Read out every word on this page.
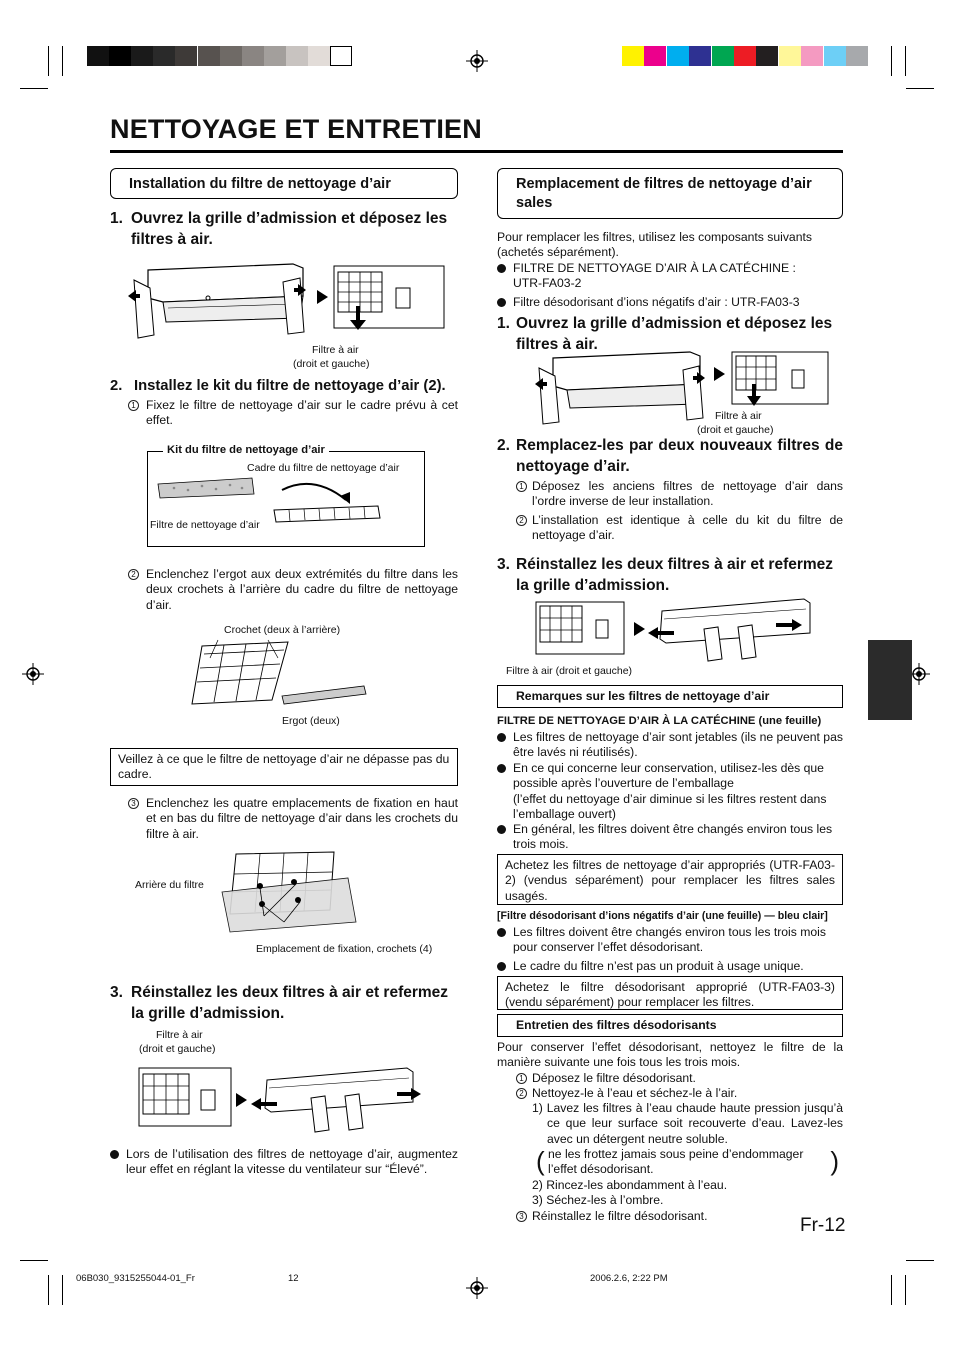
NETTOYAGE ET ENTRETIEN
Installation du filtre de nettoyage d’air
1. Ouvrez la grille d’admission et déposez les filtres à air.
Filtre à air
(droit et gauche)
2. Installez le kit du filtre de nettoyage d’air (2).
1 Fixez le filtre de nettoyage d’air sur le cadre prévu à cet effet.
Kit du filtre de nettoyage d’air
Cadre du filtre de nettoyage d’air
Filtre de nettoyage d’air
2 Enclenchez l’ergot aux deux extrémités du filtre dans les deux crochets à l’arrière du cadre du filtre de nettoyage d’air.
Crochet (deux à l’arrière)
Ergot (deux)
Veillez à ce que le filtre de nettoyage d’air ne dépasse pas du cadre.
3 Enclenchez les quatre emplacements de fixation en haut et en bas du filtre de nettoyage d’air dans les crochets du filtre à air.
Arrière du filtre
Emplacement de fixation, crochets (4)
3. Réinstallez les deux filtres à air et refermez la grille d’admission.
Filtre à air
(droit et gauche)
Lors de l’utilisation des filtres de nettoyage d’air, augmentez leur effet en réglant la vitesse du ventilateur sur “Élevé”.
Remplacement de filtres de nettoyage d’air sales
Pour remplacer les filtres, utilisez les composants suivants (achetés séparément).
FILTRE DE NETTOYAGE D’AIR À LA CATÉCHINE : UTR-FA03-2
Filtre désodorisant d’ions négatifs d’air : UTR-FA03-3
1. Ouvrez la grille d’admission et déposez les filtres à air.
Filtre à air
(droit et gauche)
2. Remplacez-les par deux nouveaux filtres de nettoyage d’air.
1 Déposez les anciens filtres de nettoyage d’air dans l’ordre inverse de leur installation.
2 L’installation est identique à celle du kit du filtre de nettoyage d’air.
3. Réinstallez les deux filtres à air et refermez la grille d’admission.
Filtre à air (droit et gauche)
Remarques sur les filtres de nettoyage d’air
FILTRE DE NETTOYAGE D’AIR À LA CATÉCHINE (une feuille)
Les filtres de nettoyage d’air sont jetables (ils ne peuvent pas être lavés ni réutilisés).
En ce qui concerne leur conservation, utilisez-les dès que possible après l’ouverture de l’emballage
(l’effet du nettoyage d’air diminue si les filtres restent dans l’emballage ouvert)
En général, les filtres doivent être changés environ tous les trois mois.
Achetez les filtres de nettoyage d’air appropriés (UTR-FA03-2) (vendus séparément) pour remplacer les filtres sales usagés.
[Filtre désodorisant d’ions négatifs d’air (une feuille) — bleu clair]
Les filtres doivent être changés environ tous les trois mois pour conserver l’effet désodorisant.
Le cadre du filtre n’est pas un produit à usage unique.
Achetez le filtre désodorisant approprié (UTR-FA03-3) (vendu séparément) pour remplacer les filtres.
Entretien des filtres désodorisants
Pour conserver l’effet désodorisant, nettoyez le filtre de la manière suivante une fois tous les trois mois.
1 Déposez le filtre désodorisant.
2 Nettoyez-le à l’eau et séchez-le à l’air.
1) Lavez les filtres à l’eau chaude haute pression jusqu’à ce que leur surface soit recouverte d’eau. Lavez-les avec un détergent neutre soluble.
(	)
ne les frottez jamais sous peine d’endommager l’effet désodorisant.
2) Rincez-les abondamment à l’eau.
3) Séchez-les à l’ombre.
3 Réinstallez le filtre désodorisant.	Fr-12
06B030_9315255044-01_Fr	12	2006.2.6, 2:22 PM
